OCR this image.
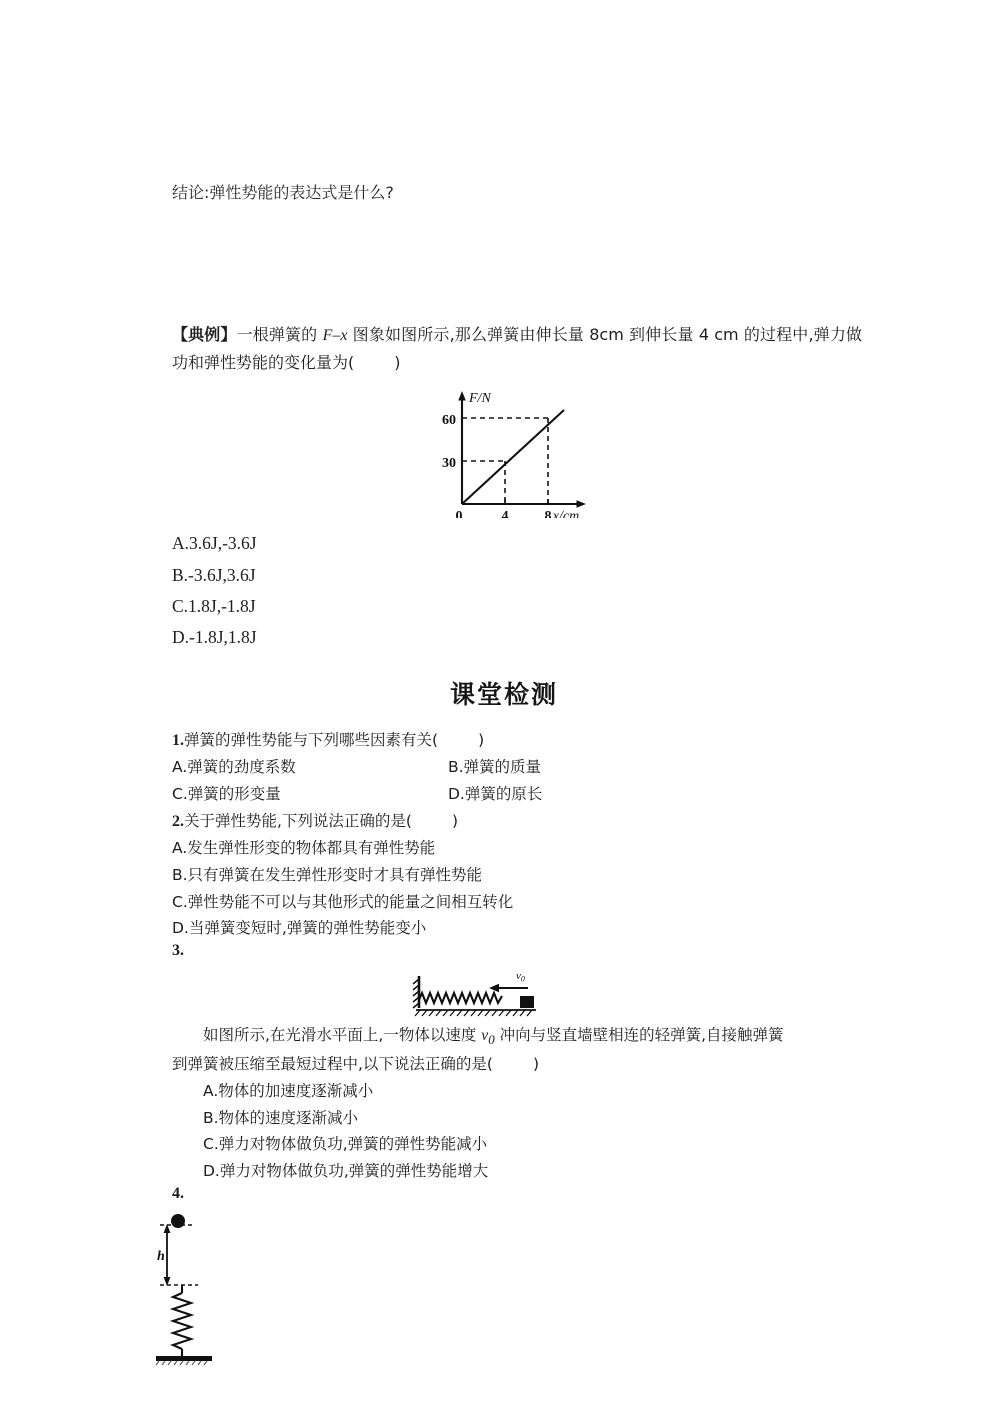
结论:弹性势能的表达式是什么?
【典例】一根弹簧的 F–x 图象如图所示,那么弹簧由伸长量 8cm 到伸长量 4 cm 的过程中,弹力做功和弹性势能的变化量为(	)
60
30
0	4	8
F/N
x/cm
A.3.6J,-3.6J
B.-3.6J,3.6J
C.1.8J,-1.8J
D.-1.8J,1.8J
课堂检测
1.弹簧的弹性势能与下列哪些因素有关(	)
A.弹簧的劲度系数	B.弹簧的质量
C.弹簧的形变量	D.弹簧的原长
2.关于弹性势能,下列说法正确的是(	)
A.发生弹性形变的物体都具有弹性势能
B.只有弹簧在发生弹性形变时才具有弹性势能
C.弹性势能不可以与其他形式的能量之间相互转化
D.当弹簧变短时,弹簧的弹性势能变小
3.
$v_0$
如图所示,在光滑水平面上,一物体以速度 $v_0$ 冲向与竖直墙壁相连的轻弹簧,自接触弹簧
到弹簧被压缩至最短过程中,以下说法正确的是(	)
A.物体的加速度逐渐减小
B.物体的速度逐渐减小
C.弹力对物体做负功,弹簧的弹性势能减小
D.弹力对物体做负功,弹簧的弹性势能增大
4.
h
